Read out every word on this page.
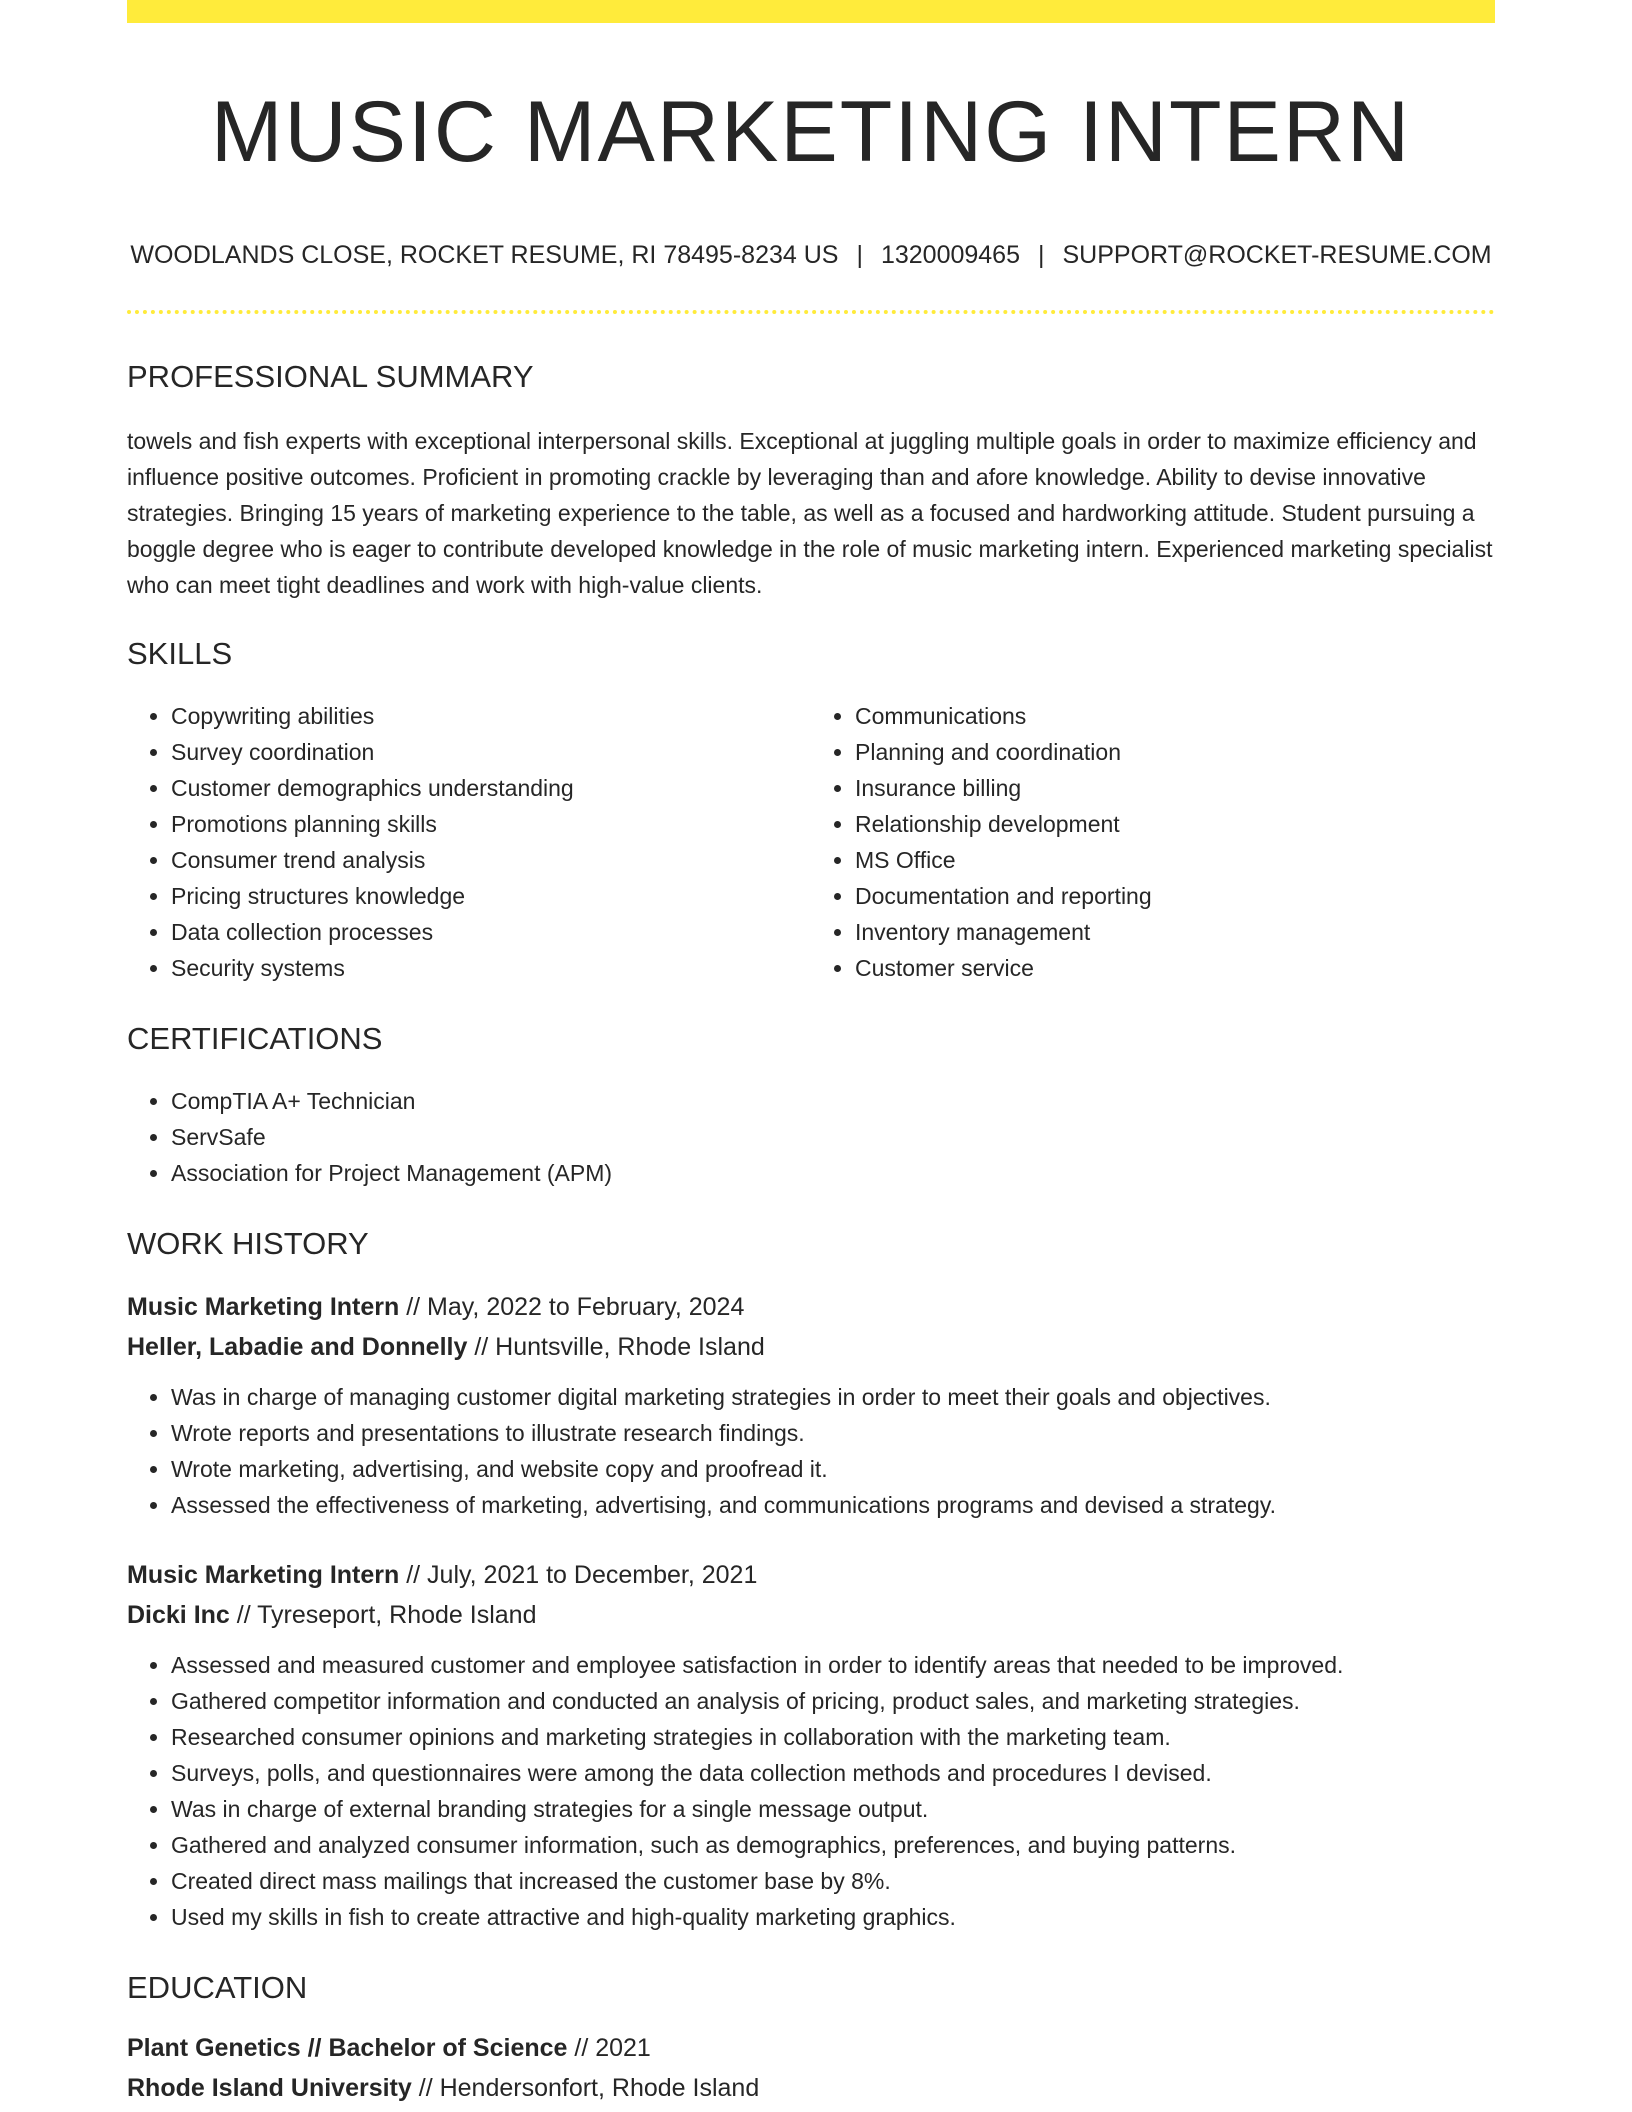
MUSIC MARKETING INTERN
WOODLANDS CLOSE, ROCKET RESUME, RI 78495-8234 US | 1320009465 | SUPPORT@ROCKET-RESUME.COM
PROFESSIONAL SUMMARY

towels and fish experts with exceptional interpersonal skills. Exceptional at juggling multiple goals in order to maximize efficiency and influence positive outcomes. Proficient in promoting crackle by leveraging than and afore knowledge. Ability to devise innovative strategies. Bringing 15 years of marketing experience to the table, as well as a focused and hardworking attitude. Student pursuing a boggle degree who is eager to contribute developed knowledge in the role of music marketing intern. Experienced marketing specialist who can meet tight deadlines and work with high-value clients.

SKILLS
• Copywriting abilities
• Survey coordination
• Customer demographics understanding
• Promotions planning skills
• Consumer trend analysis
• Pricing structures knowledge
• Data collection processes
• Security systems
• Communications
• Planning and coordination
• Insurance billing
• Relationship development
• MS Office
• Documentation and reporting
• Inventory management
• Customer service
CERTIFICATIONS
• CompTIA A+ Technician
• ServSafe
• Association for Project Management (APM)
WORK HISTORY
Music Marketing Intern // May, 2022 to February, 2024
Heller, Labadie and Donnelly // Huntsville, Rhode Island
• Was in charge of managing customer digital marketing strategies in order to meet their goals and objectives.
• Wrote reports and presentations to illustrate research findings.
• Wrote marketing, advertising, and website copy and proofread it.
• Assessed the effectiveness of marketing, advertising, and communications programs and devised a strategy.
Music Marketing Intern // July, 2021 to December, 2021
Dicki Inc // Tyreseport, Rhode Island
• Assessed and measured customer and employee satisfaction in order to identify areas that needed to be improved.
• Gathered competitor information and conducted an analysis of pricing, product sales, and marketing strategies.
• Researched consumer opinions and marketing strategies in collaboration with the marketing team.
• Surveys, polls, and questionnaires were among the data collection methods and procedures I devised.
• Was in charge of external branding strategies for a single message output.
• Gathered and analyzed consumer information, such as demographics, preferences, and buying patterns.
• Created direct mass mailings that increased the customer base by 8%.
• Used my skills in fish to create attractive and high-quality marketing graphics.
EDUCATION
Plant Genetics // Bachelor of Science // 2021
Rhode Island University // Hendersonfort, Rhode Island
